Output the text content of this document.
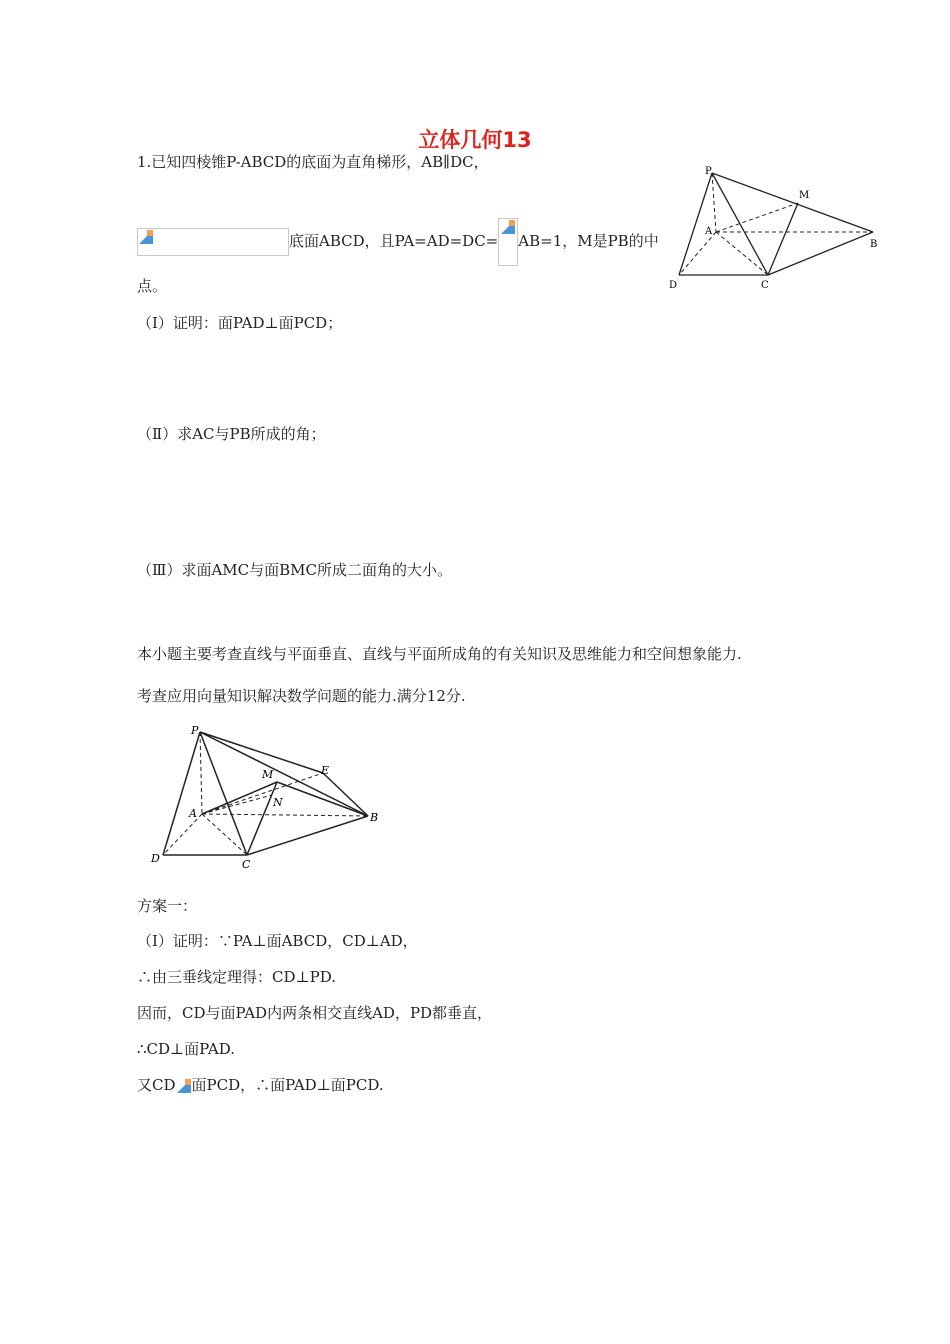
立体几何13
1.已知四棱锥P-ABCD的底面为直角梯形，AB∥DC，
底面ABCD，且PA=AD=DC= AB=1，M是PB的中
点。
（Ⅰ）证明：面PAD⊥面PCD；
（Ⅱ）求AC与PB所成的角；
（Ⅲ）求面AMC与面BMC所成二面角的大小。
P
M
A
B
D	C
本小题主要考查直线与平面垂直、直线与平面所成角的有关知识及思维能力和空间想象能力.
考查应用向量知识解决数学问题的能力.满分12分.
P
M	E
A
N
B
D	C
方案一：
（Ⅰ）证明：∵PA⊥面ABCD，CD⊥AD，
∴由三垂线定理得：CD⊥PD.
因而，CD与面PAD内两条相交直线AD，PD都垂直，
∴CD⊥面PAD.
又CD 面PCD，∴面PAD⊥面PCD.
